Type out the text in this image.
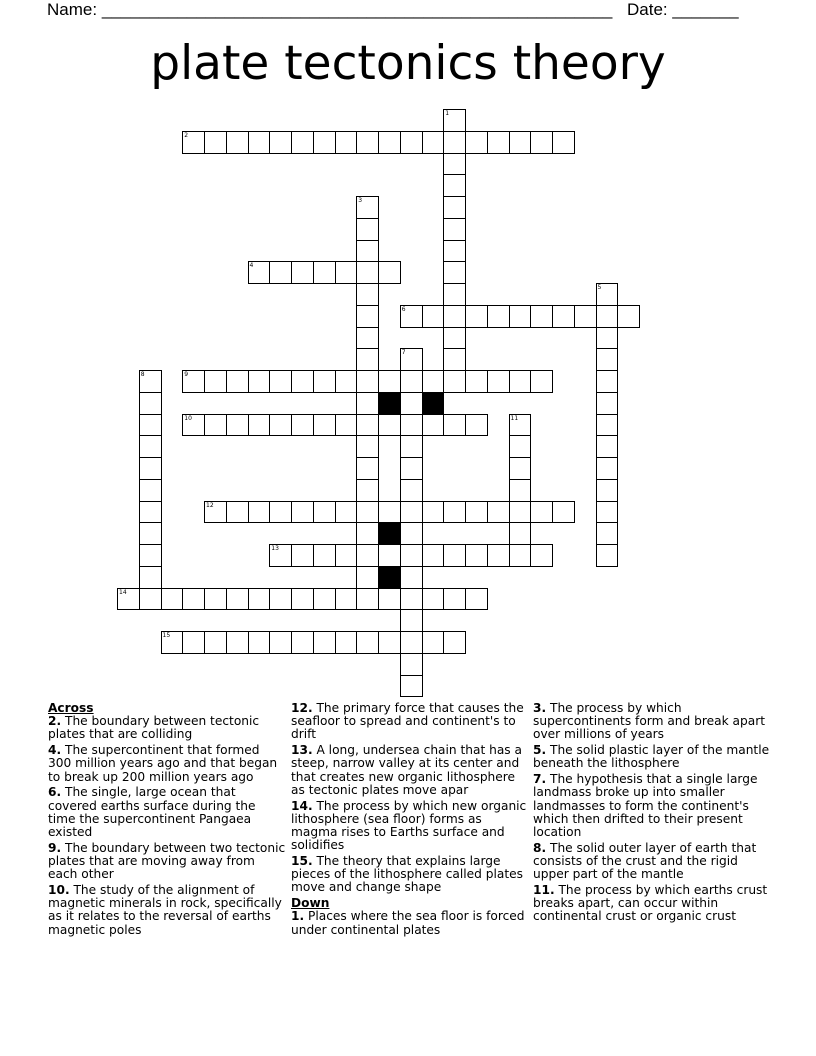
Name: ______________________________________________________ Date: _______
plate tectonics theory
1
2
3
4
5
6
7
8	9
10	11
12
13
14
15
Across
2. The boundary between tectonic plates that are colliding
4. The supercontinent that formed 300 million years ago and that began to break up 200 million years ago
6. The single, large ocean that covered earths surface during the time the supercontinent Pangaea existed
9. The boundary between two tectonic plates that are moving away from each other
10. The study of the alignment of magnetic minerals in rock, specifically as it relates to the reversal of earths magnetic poles
12. The primary force that causes the seafloor to spread and continent's to drift
13. A long, undersea chain that has a steep, narrow valley at its center and that creates new organic lithosphere as tectonic plates move apar
14. The process by which new organic lithosphere (sea floor) forms as magma rises to Earths surface and solidifies
15. The theory that explains large pieces of the lithosphere called plates move and change shape
Down
1. Places where the sea floor is forced under continental plates
3. The process by which supercontinents form and break apart over millions of years
5. The solid plastic layer of the mantle beneath the lithosphere
7. The hypothesis that a single large landmass broke up into smaller landmasses to form the continent's which then drifted to their present location
8. The solid outer layer of earth that consists of the crust and the rigid upper part of the mantle
11. The process by which earths crust breaks apart, can occur within continental crust or organic crust
